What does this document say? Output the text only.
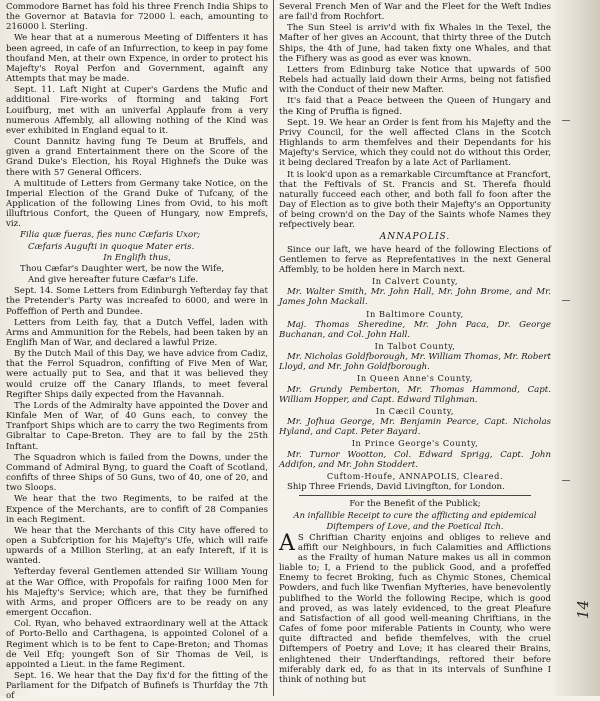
Commodore Barnet has fold his three French India Ships to the Governor at Batavia for 72000 l. each, amounting to 216000 l. Sterling.

We hear that at a numerous Meeting of Diffenters it has been agreed, in cafe of an Infurrection, to keep in pay fome thoufand Men, at their own Expence, in order to protect his Majefty's Royal Perfon and Government, againft any Attempts that may be made.

Sept. 11. Laft Night at Cuper's Gardens the Mufic and additional Fire-works of ftorming and taking Fort Louifburg, met with an univerfal Applaufe from a very numerous Affembly, all allowing nothing of the Kind was ever exhibited in England equal to it.

Count Dannitz having fung Te Deum at Bruffels, and given a grand Entertainment there on the Score of the Grand Duke's Election, his Royal Highnefs the Duke was there with 57 General Officers.

A multitude of Letters from Germany take Notice, on the Imperial Election of the Grand Duke of Tufcany, of the Application of the following Lines from Ovid, to his moft illuftrious Confort, the Queen of Hungary, now Emprefs, viz.

Filia quæ fueras, fies nunc Cæfaris Uxor;

Cæfaris Augufti in quoque Mater eris.

In Englifh thus,

Thou Cæfar's Daughter wert, be now the Wife,

And give hereafter future Cæfar's Life.

Sept. 14. Some Letters from Edinburgh Yefterday fay that the Pretender's Party was increafed to 6000, and were in Poffeffion of Perth and Dundee.

Letters from Leith fay, that a Dutch Veffel, laden with Arms and Ammunition for the Rebels, had been taken by an Englifh Man of War, and declared a lawful Prize.

By the Dutch Mail of this Day, we have advice from Cadiz, that the Ferrol Squadron, confifting of Five Men of War, were actually put to Sea, and that it was believed they would cruize off the Canary Iflands, to meet feveral Regifter Ships daily expected from the Havannah.

The Lords of the Admiralty have appointed the Dover and Kinfale Men of War, of 40 Guns each, to convey the Tranfport Ships which are to carry the two Regiments from Gibraltar to Cape-Breton. They are to fail by the 25th Inftant.

The Squadron which is failed from the Downs, under the Command of Admiral Byng, to guard the Coaft of Scotland, confifts of three Ships of 50 Guns, two of 40, one of 20, and two Sloops.

We hear that the two Regiments, to be raifed at the Expence of the Merchants, are to confift of 28 Companies in each Regiment.

We hear that the Merchants of this City have offered to open a Subfcription for his Majefty's Ufe, which will raife upwards of a Million Sterling, at an eafy Intereft, if it is wanted.

Yefterday feveral Gentlemen attended Sir William Young at the War Office, with Propofals for raifing 1000 Men for his Majefty's Service; which are, that they be furnifhed with Arms, and proper Officers are to be ready on any emergent Occafion.

Col. Ryan, who behaved extraordinary well at the Attack of Porto-Bello and Carthagena, is appointed Colonel of a Regiment which is to be fent to Cape-Breton; and Thomas de Veil Efq; youngeft Son of Sir Thomas de Veil, is appointed a Lieut. in the fame Regiment.

Sept. 16. We hear that the Day fix'd for the fitting of the Parliament for the Difpatch of Bufinefs is Thurfday the 7th of

Several French Men of War and the Fleet for the Weft Indies are fail'd from Rochfort.

The Sun Steel is arriv'd with fix Whales in the Texel, the Mafter of her gives an Account, that thirty three of the Dutch Ships, the 4th of June, had taken fixty one Whales, and that the Fifhery was as good as ever was known.

Letters from Edinburg take Notice that upwards of 500 Rebels had actually laid down their Arms, being not fatisfied with the Conduct of their new Mafter.

It's faid that a Peace between the Queen of Hungary and the King of Pruffia is figned.

Sept. 19. We hear an Order is fent from his Majefty and the Privy Council, for the well affected Clans in the Scotch Highlands to arm themfelves and their Dependants for his Majefty's Service, which they could not do without this Order, it being declared Treafon by a late Act of Parliament.

It is look'd upon as a remarkable Circumftance at Francfort, that the Feftivals of St. Francis and St. Therefa fhould naturally fucceed each other, and both fall fo foon after the Day of Election as to give both their Majefty's an Opportunity of being crown'd on the Day of the Saints whofe Names they refpectively bear.

ANNAPOLIS.

Since our laft, we have heard of the following Elections of Gentlemen to ferve as Reprefentatives in the next General Affembly, to be holden here in March next.

In Calvert County,

Mr. Walter Smith, Mr. John Hall, Mr. John Brome, and Mr. James John Mackall.

In Baltimore County,

Maj. Thomas Sheredine, Mr. John Paca, Dr. George Buchanan, and Col. John Hall.

In Talbot County,

Mr. Nicholas Goldfborough, Mr. William Thomas, Mr. Robert Lloyd, and Mr. John Goldfborough.

In Queen Anne's County,

Mr. Grundy Pemberton, Mr. Thomas Hammond, Capt. William Hopper, and Capt. Edward Tilghman.

In Cæcil County,

Mr. Jofhua George, Mr. Benjamin Pearce, Capt. Nicholas Hyland, and Capt. Peter Bayard.

In Prince George's County,

Mr. Turnor Wootton, Col. Edward Sprigg, Capt. John Addifon, and Mr. John Stoddert.

Cuftom-Houfe, ANNAPOLIS, Cleared.

Ship Three Friends, David Livingfton, for London.

For the Benefit of the Publick;
An infallible Receipt to cure the afflicting and epidemical Diftempers of Love, and the Poetical Itch.

A S Chriftian Charity enjoins and obliges to relieve and affift our Neighbours, in fuch Calamities and Afflictions as the Frailty of human Nature makes us all in common liable to; I, a Friend to the publick Good, and a profeffed Enemy to fecret Broking, fuch as Chymic Stones, Chemical Powders, and fuch like Twenfian Myfteries, have benevolently publifhed to the World the following Recipe, which is good and proved, as was lately evidenced, to the great Pleafure and Satisfaction of all good well-meaning Chriftians, in the Cafes of fome poor miferable Patients in County, who were quite diftracted and befide themfelves, with the cruel Diftempers of Poetry and Love; it has cleared their Brains, enlightened their Underftandings, reftored their before miferably dark ed, fo as that in its intervals of Sunfhine I think of nothing but

14
